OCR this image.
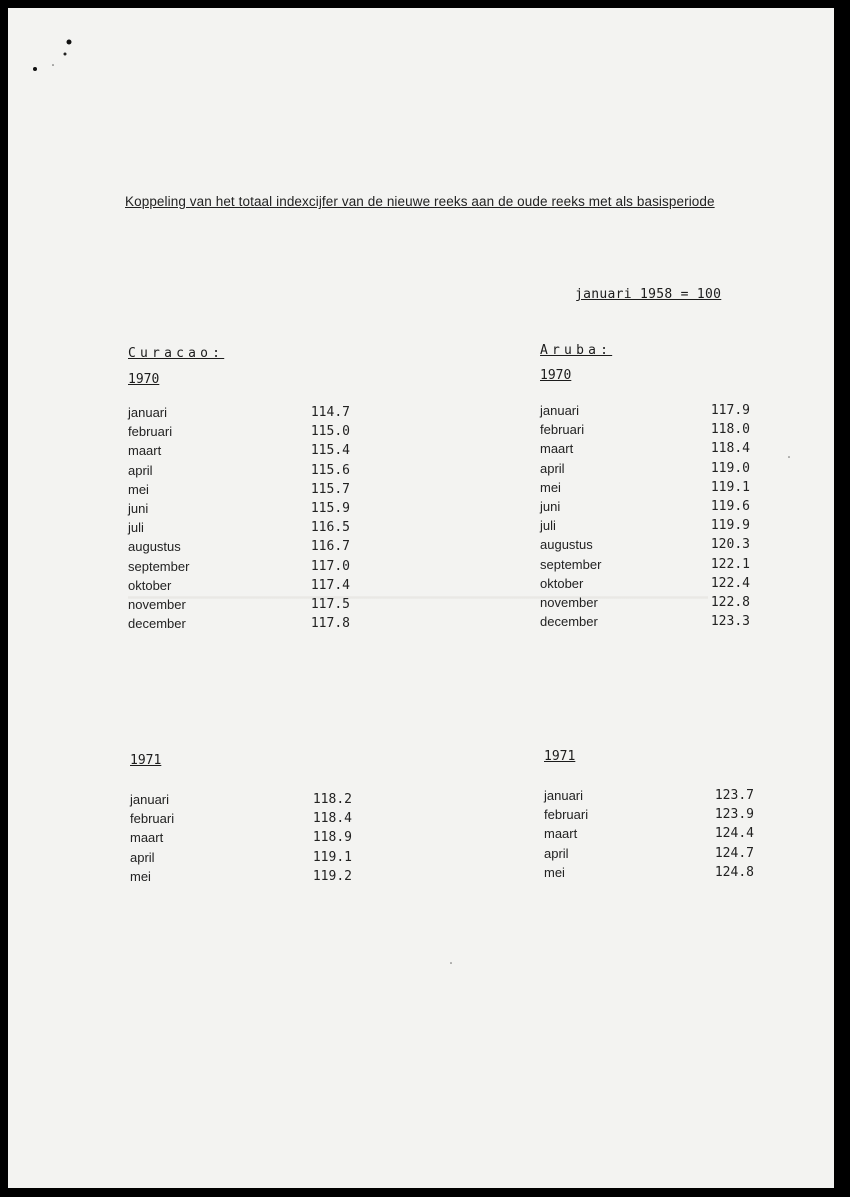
Koppeling van het totaal indexcijfer van de nieuwe reeks aan de oude reeks met als basisperiode
januari 1958 = 100
Curacao:
1970
januari
februari
maart
april
mei
juni
juli
augustus
september
oktober
november
december
114.7
115.0
115.4
115.6
115.7
115.9
116.5
116.7
117.0
117.4
117.5
117.8
1971
januari
februari
maart
april
mei
118.2
118.4
118.9
119.1
119.2
Aruba:
1970
januari
februari
maart
april
mei
juni
juli
augustus
september
oktober
november
december
117.9
118.0
118.4
119.0
119.1
119.6
119.9
120.3
122.1
122.4
122.8
123.3
1971
januari
februari
maart
april
mei
123.7
123.9
124.4
124.7
124.8
